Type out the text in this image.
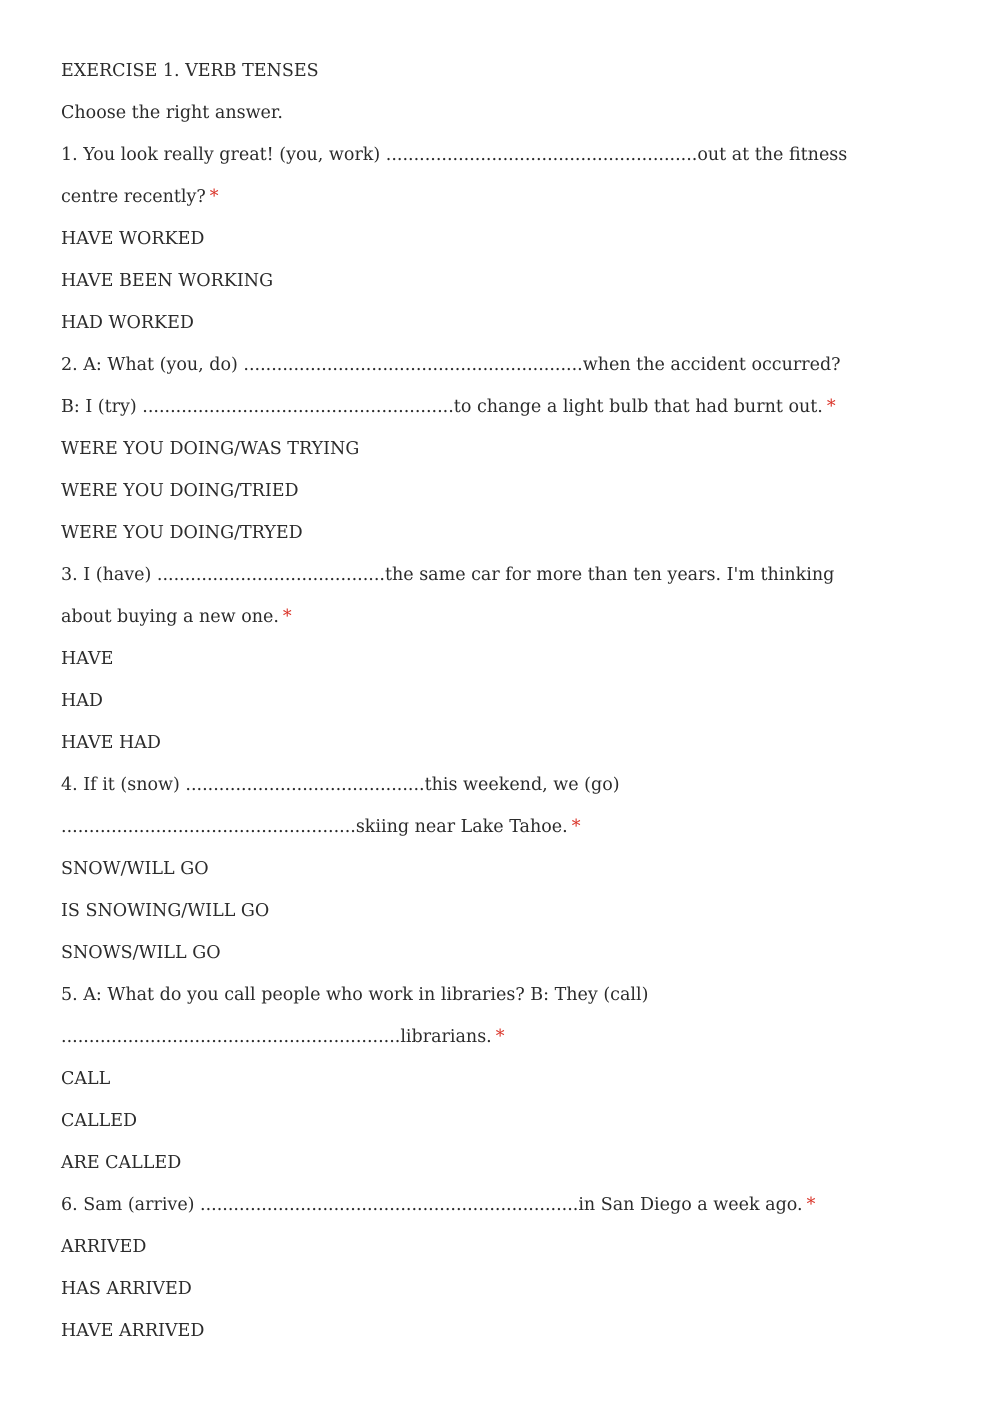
EXERCISE 1. VERB TENSES
Choose the right answer.
1. You look really great! (you, work) ........................................................out at the fitness
centre recently? *
HAVE WORKED
HAVE BEEN WORKING
HAD WORKED
2. A: What (you, do) .............................................................when the accident occurred?
B: I (try) ........................................................to change a light bulb that had burnt out. *
WERE YOU DOING/WAS TRYING
WERE YOU DOING/TRIED
WERE YOU DOING/TRYED
3. I (have) .........................................the same car for more than ten years. I'm thinking
about buying a new one. *
HAVE
HAD
HAVE HAD
4. If it (snow) ...........................................this weekend, we (go)
.....................................................skiing near Lake Tahoe. *
SNOW/WILL GO
IS SNOWING/WILL GO
SNOWS/WILL GO
5. A: What do you call people who work in libraries? B: They (call)
.............................................................librarians. *
CALL
CALLED
ARE CALLED
6. Sam (arrive) ....................................................................in San Diego a week ago. *
ARRIVED
HAS ARRIVED
HAVE ARRIVED
